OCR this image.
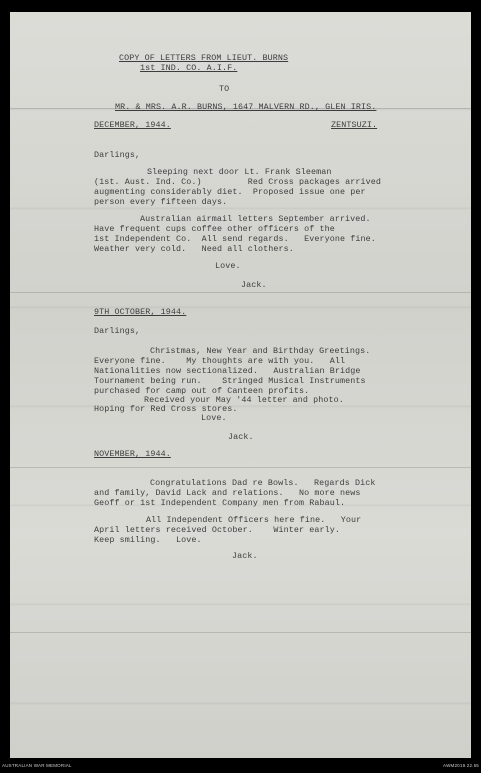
COPY OF LETTERS FROM LIEUT. BURNS
1st IND. CO. A.I.F.
TO
MR. & MRS. A.R. BURNS, 1647 MALVERN RD., GLEN IRIS.
DECEMBER, 1944.	ZENTSUZI.
Darlings,
Sleeping next door Lt. Frank Sleeman
(1st. Aust. Ind. Co.)         Red Cross packages arrived
augmenting considerably diet.  Proposed issue one per
person every fifteen days.
Australian airmail letters September arrived.
Have frequent cups coffee other officers of the
1st Independent Co.  All send regards.   Everyone fine.
Weather very cold.   Need all clothers.
Love.
Jack.
9TH OCTOBER, 1944.
Darlings,
Christmas, New Year and Birthday Greetings.
Everyone fine.    My thoughts are with you.   All
Nationalities now sectionalized.   Australian Bridge
Tournament being run.    Stringed Musical Instruments
purchased for camp out of Canteen profits.
Received your May '44 letter and photo.
Hoping for Red Cross stores.
Love.
Jack.
NOVEMBER, 1944.
Congratulations Dad re Bowls.   Regards Dick
and family, David Lack and relations.   No more news
Geoff or 1st Independent Company men from Rabaul.
All Independent Officers here fine.   Your
April letters received October.    Winter early.
Keep smiling.   Love.
Jack.
AUSTRALIAN WAR MEMORIAL	AWM2019.22.55
